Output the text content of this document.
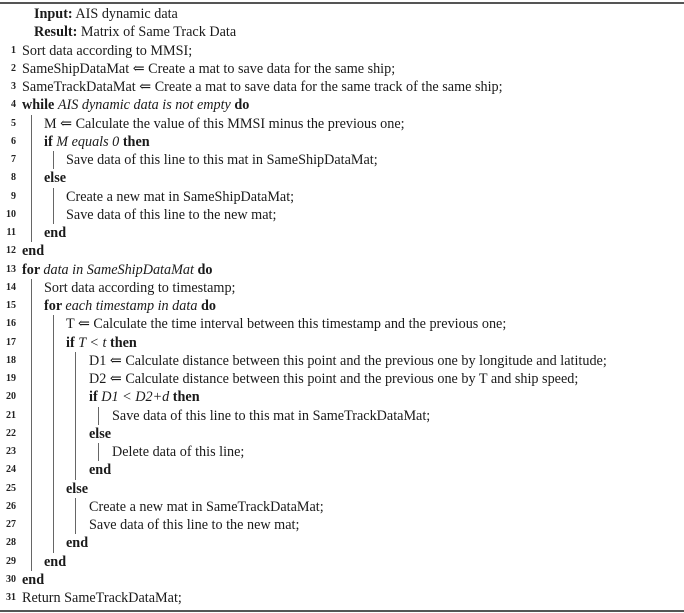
Input: AIS dynamic data
Result: Matrix of Same Track Data
1 Sort data according to MMSI;
2 SameShipDataMat ⇐ Create a mat to save data for the same ship;
3 SameTrackDataMat ⇐ Create a mat to save data for the same track of the same ship;
4 while AIS dynamic data is not empty do
5 M ⇐ Calculate the value of this MMSI minus the previous one;
6 if M equals 0 then
7	Save data of this line to this mat in SameShipDataMat;
8 else
9	Create a new mat in SameShipDataMat;
10	Save data of this line to the new mat;
11 end
12 end
13 for data in SameShipDataMat do
14 Sort data according to timestamp;
15 for each timestamp in data do
16	T ⇐ Calculate the time interval between this timestamp and the previous one;
17	if T < t then
18	D1 ⇐ Calculate distance between this point and the previous one by longitude and latitude;
19	D2 ⇐ Calculate distance between this point and the previous one by T and ship speed;
20	if D1 < D2+d then
21	Save data of this line to this mat in SameTrackDataMat;
22	else
23	Delete data of this line;
24	end
25	else
26	Create a new mat in SameTrackDataMat;
27	Save data of this line to the new mat;
28	end
29 end
30 end
31 Return SameTrackDataMat;
